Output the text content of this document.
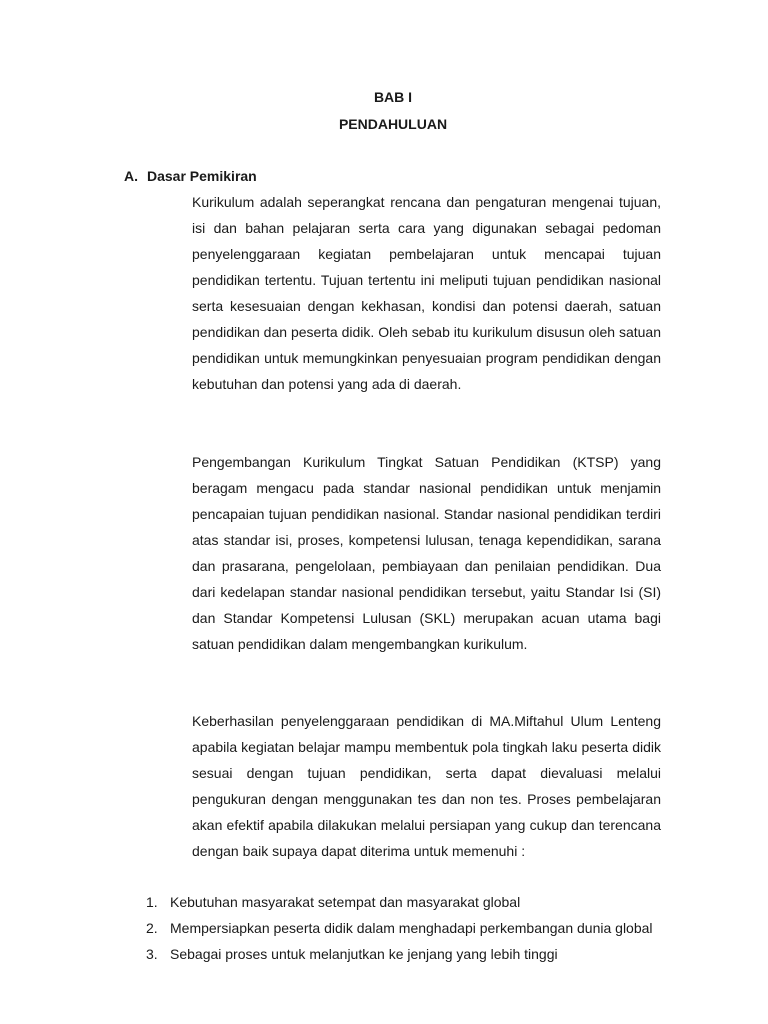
BAB I
PENDAHULUAN
A. Dasar Pemikiran

Kurikulum adalah seperangkat rencana dan pengaturan mengenai tujuan, isi dan bahan pelajaran serta cara yang digunakan sebagai pedoman penyelenggaraan kegiatan pembelajaran untuk mencapai tujuan pendidikan tertentu. Tujuan tertentu ini meliputi tujuan pendidikan nasional serta kesesuaian dengan kekhasan, kondisi dan potensi daerah, satuan pendidikan dan peserta didik. Oleh sebab itu kurikulum disusun oleh satuan pendidikan untuk memungkinkan penyesuaian program pendidikan dengan kebutuhan dan potensi yang ada di daerah.

Pengembangan Kurikulum Tingkat Satuan Pendidikan (KTSP) yang beragam mengacu pada standar nasional pendidikan untuk menjamin pencapaian tujuan pendidikan nasional. Standar nasional pendidikan terdiri atas standar isi, proses, kompetensi lulusan, tenaga kependidikan, sarana dan prasarana, pengelolaan, pembiayaan dan penilaian pendidikan. Dua dari kedelapan standar nasional pendidikan tersebut, yaitu Standar Isi (SI) dan Standar Kompetensi Lulusan (SKL) merupakan acuan utama bagi satuan pendidikan dalam mengembangkan kurikulum.

Keberhasilan penyelenggaraan pendidikan di MA.Miftahul Ulum Lenteng apabila kegiatan belajar mampu membentuk pola tingkah laku peserta didik sesuai dengan tujuan pendidikan, serta dapat dievaluasi melalui pengukuran dengan menggunakan tes dan non tes. Proses pembelajaran akan efektif apabila dilakukan melalui persiapan yang cukup dan terencana dengan baik supaya dapat diterima untuk memenuhi :

1. Kebutuhan masyarakat setempat dan masyarakat global
2. Mempersiapkan peserta didik dalam menghadapi perkembangan dunia global
3. Sebagai proses untuk melanjutkan ke jenjang yang lebih tinggi
